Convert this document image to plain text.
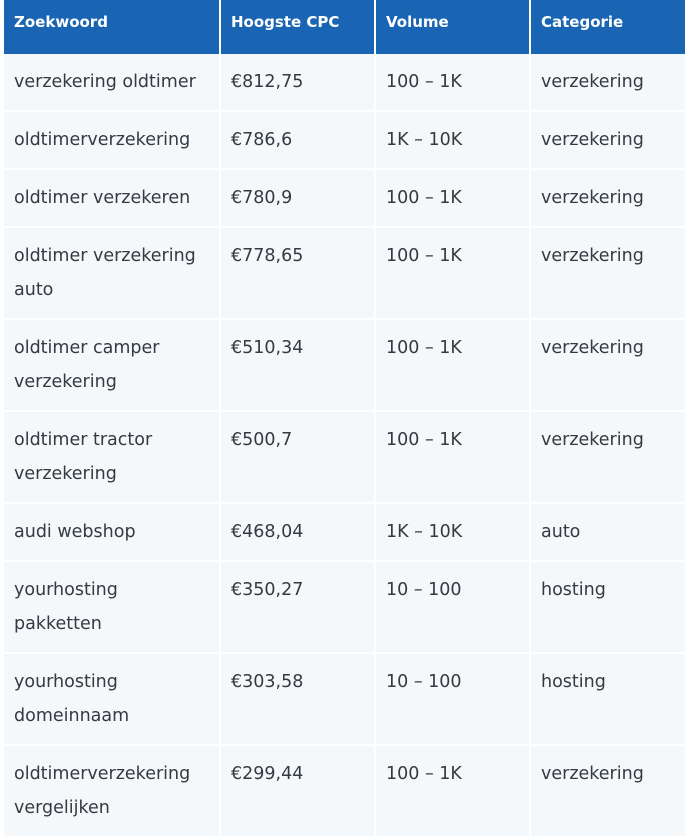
Zoekwoord	Hoogste CPC	Volume	Categorie
verzekering oldtimer	€812,75	100 – 1K	verzekering
oldtimerverzekering	€786,6	1K – 10K	verzekering
oldtimer verzekeren	€780,9	100 – 1K	verzekering
oldtimer verzekering auto	€778,65	100 – 1K	verzekering
oldtimer camper verzekering	€510,34	100 – 1K	verzekering
oldtimer tractor verzekering	€500,7	100 – 1K	verzekering
audi webshop	€468,04	1K – 10K	auto
yourhosting pakketten	€350,27	10 – 100	hosting
yourhosting domeinnaam	€303,58	10 – 100	hosting
oldtimerverzekering vergelijken	€299,44	100 – 1K	verzekering
